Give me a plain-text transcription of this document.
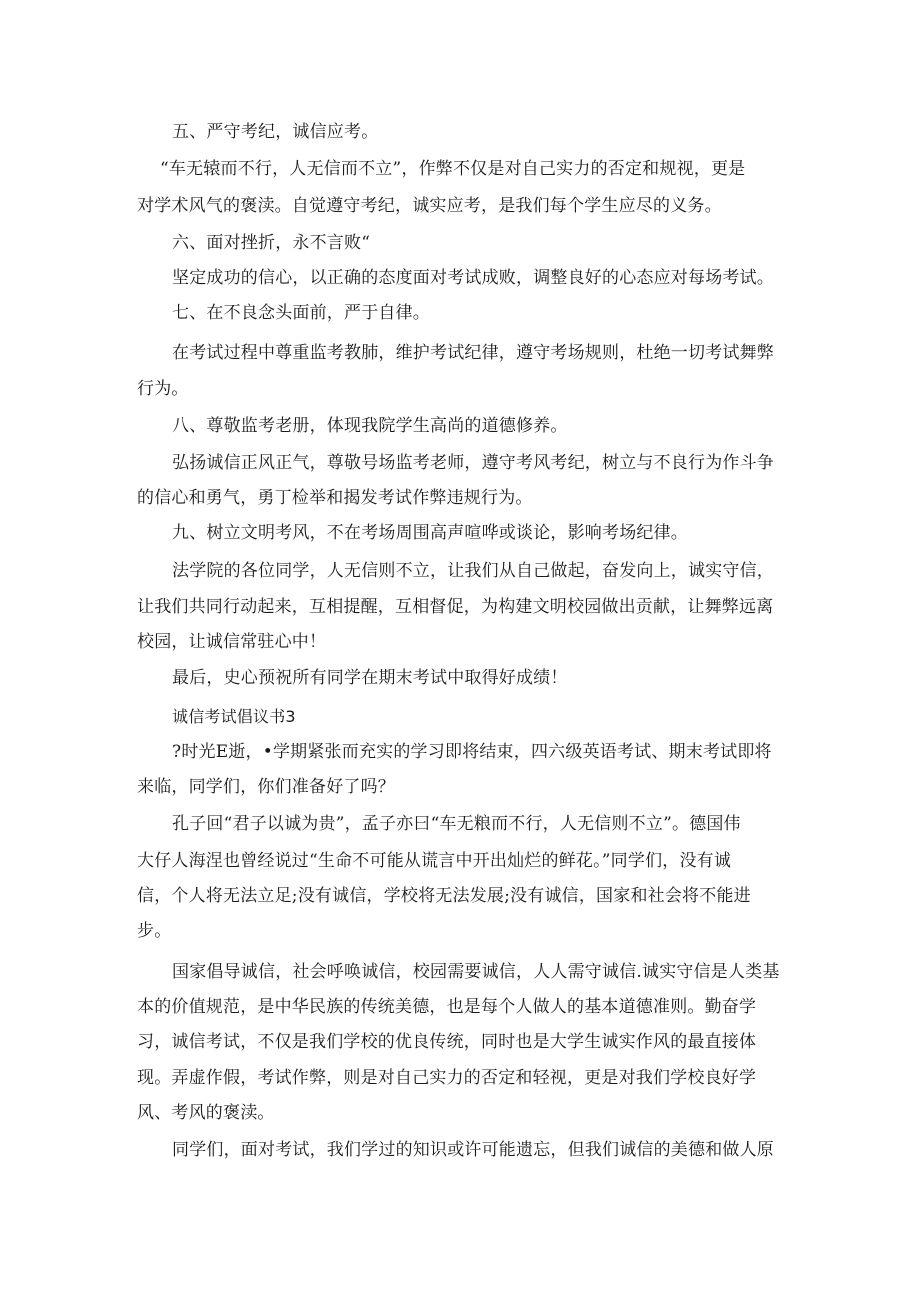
五、严守考纪，诚信应考。
“车无辕而不行，人无信而不立”，作弊不仅是对自己实力的否定和规视，更是
对学术风气的褒渎。自觉遵守考纪，诚实应考，是我们每个学生应尽的义务。
六、面对挫折，永不言败“
坚定成功的信心，以正确的态度面对考试成败，调整良好的心态应对每场考试。
七、在不良念头面前，严于自律。
在考试过程中尊重监考教肺，维护考试纪律，遵守考场规则，杜绝一切考试舞弊
行为。
八、尊敬监考老册，体现我院学生高尚的道德修养。
弘扬诚信正风正气，尊敬号场监考老师，遵守考风考纪，树立与不良行为作斗争
的信心和勇气，勇丁检举和揭发考试作弊违规行为。
九、树立文明考风，不在考场周围高声喧哗或谈论，影响考场纪律。
法学院的各位同学，人无信则不立，让我们从自己做起，奋发向上，诚实守信，
让我们共同行动起来，互相提醒，互相督促，为构建文明校园做出贡献，让舞弊远离
校园，让诚信常驻心中！
最后，史心预祝所有同学在期末考试中取得好成绩！
诚信考试倡议书3
?时光E逝，•学期紧张而充实的学习即将结束，四六级英语考试、期末考试即将
来临，同学们，你们准备好了吗？
孔子回“君子以诚为贵”，孟子亦曰“车无粮而不行，人无信则不立”。德国伟
大仔人海涅也曾经说过“生命不可能从谎言中开出灿烂的鲜花。”同学们，没有诚
信，个人将无法立足;没有诚信，学校将无法发展;没有诚信，国家和社会将不能进
步。
国家倡导诚信，社会呼唤诚信，校园需要诚信，人人需守诚信.诚实守信是人类基
本的价值规范，是中华民族的传统美德，也是每个人做人的基本道德准则。勤奋学
习，诚信考试，不仅是我们学校的优良传统，同时也是大学生诚实作风的最直接体
现。弄虚作假，考试作弊，则是对自己实力的否定和轻视，更是对我们学校良好学
风、考风的褒渎。
同学们，面对考试，我们学过的知识或许可能遗忘，但我们诚信的美德和做人原
